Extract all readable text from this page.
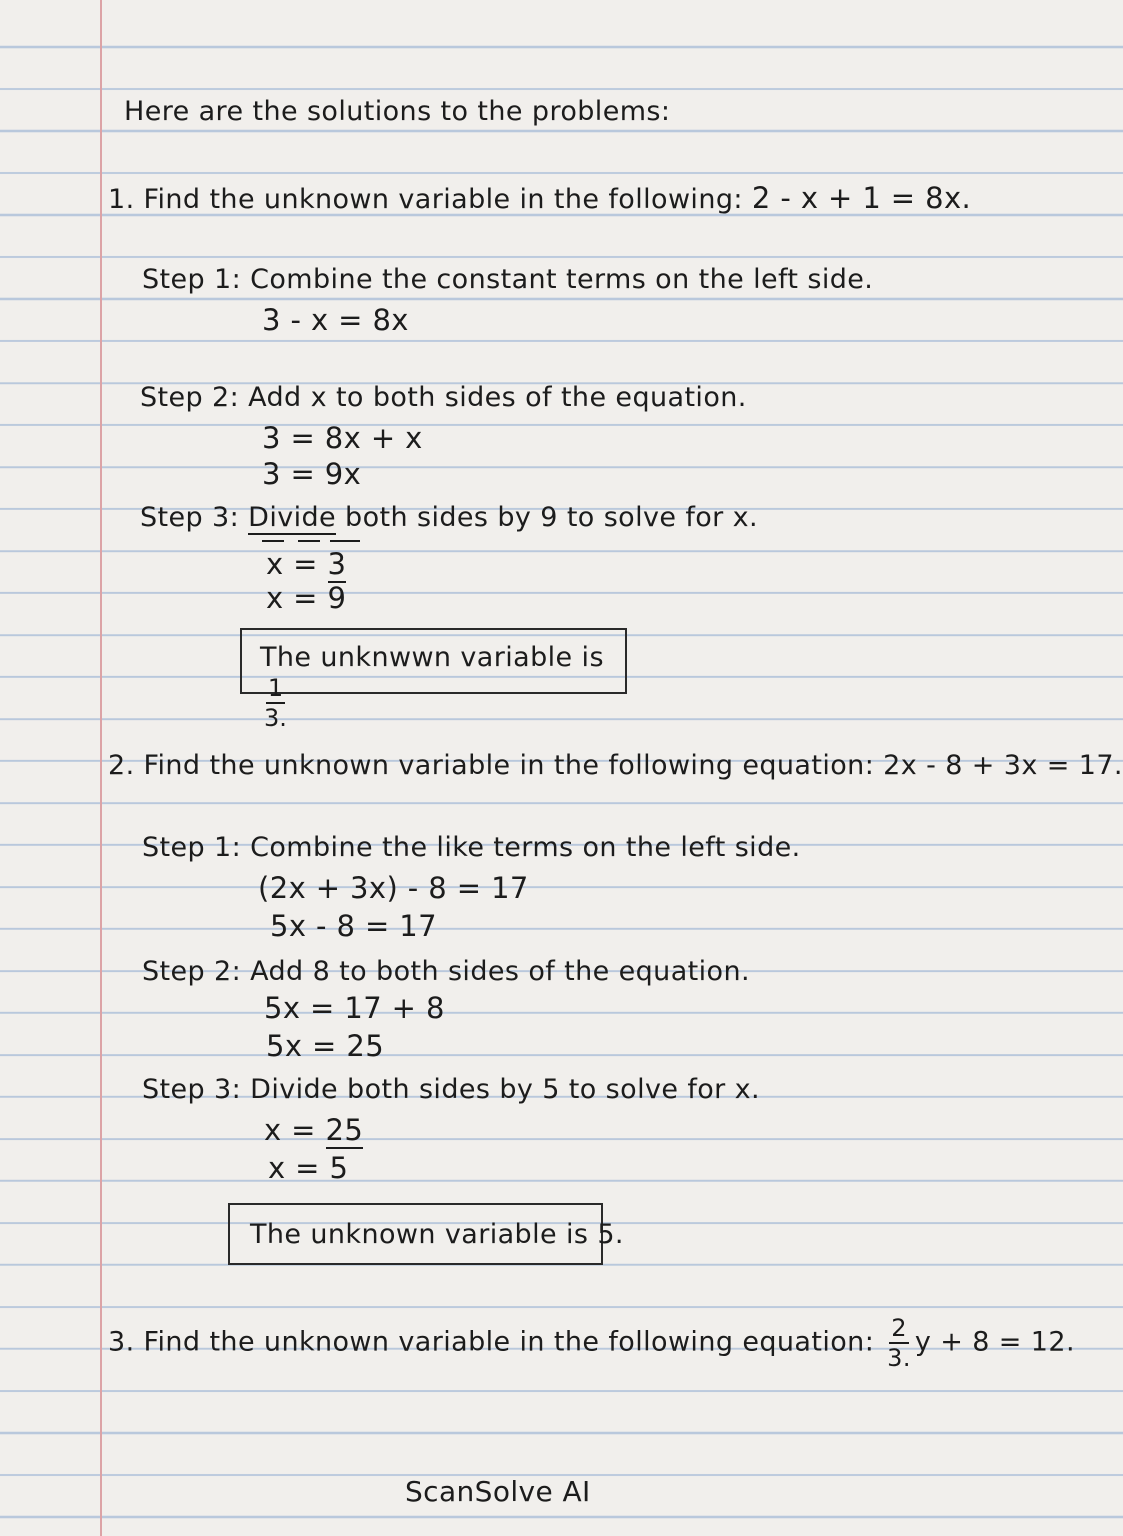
Here are the solutions to the problems:
1. Find the unknown variable in the following: 2 - x + 1 = 8x.
Step 1: Combine the constant terms on the left side.
3 - x = 8x
Step 2: Add x to both sides of the equation.
3 = 8x + x
3 = 9x
Step 3: Divide both sides by 9 to solve for x.
x = 3
x = 9
The unknwwn variable is
$\frac{1}{3.}$
2. Find the unknown variable in the following equation: 2x - 8 + 3x = 17.
Step 1: Combine the like terms on the left side.
(2x + 3x) - 8 = 17
5x - 8 = 17
Step 2: Add 8 to both sides of the equation.
5x = 17 + 8
5x = 25
Step 3: Divide both sides by 5 to solve for x.
x = 25
x = 5
The unknown variable is 5.
3. Find the unknown variable in the following equation: $\frac{2}{3.}$ y + 8 = 12.
ScanSolve AI
